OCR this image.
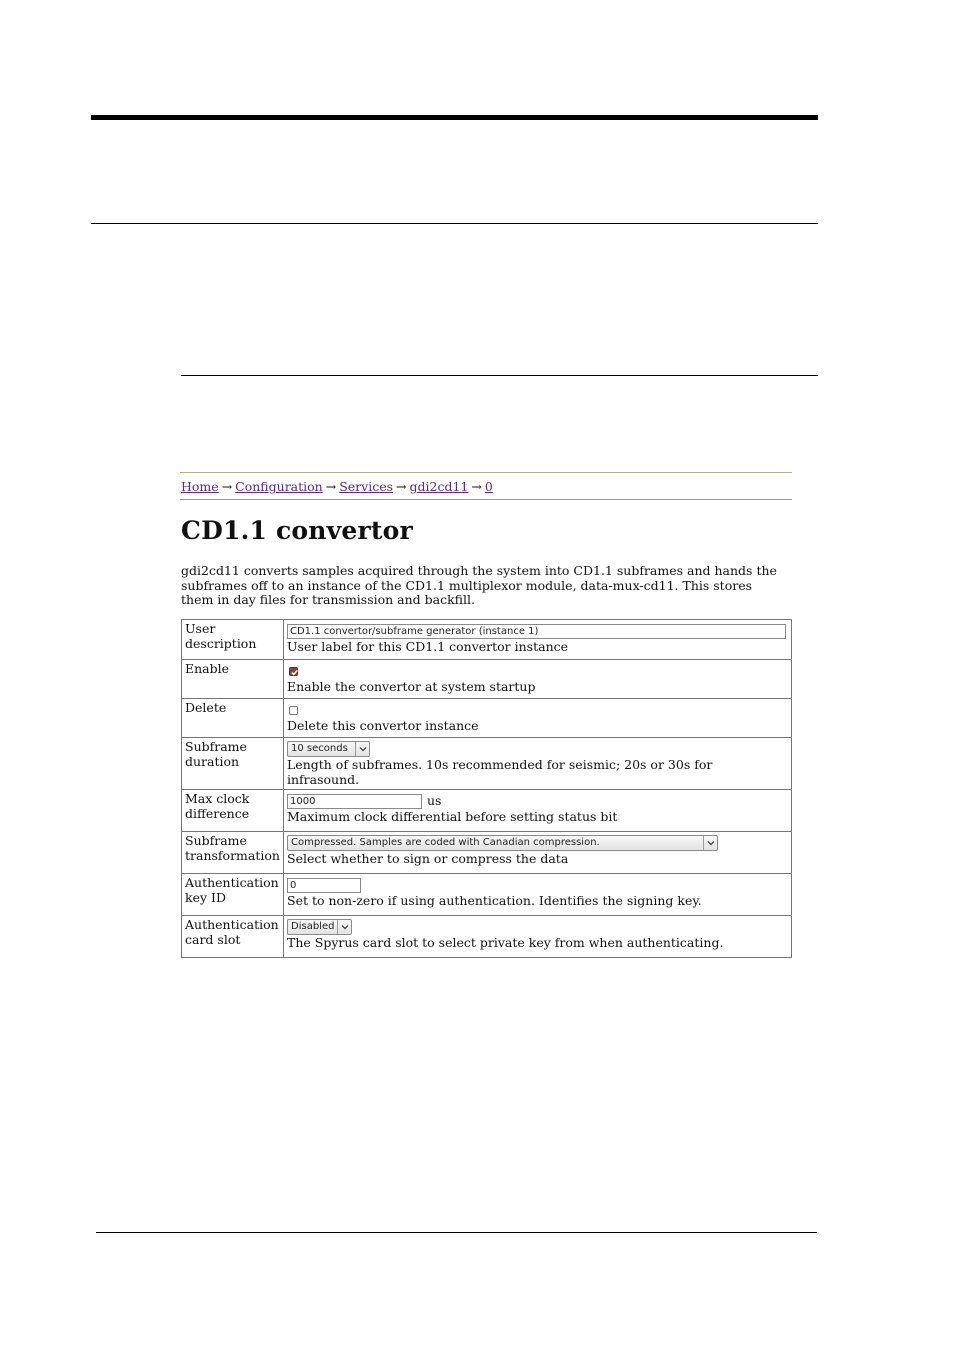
Home → Configuration → Services → gdi2cd11 → 0
CD1.1 convertor

gdi2cd11 converts samples acquired through the system into CD1.1 subframes and hands the subframes off to an instance of the CD1.1 multiplexor module, data-mux-cd11. This stores them in day files for transmission and backfill.

User description	CD1.1 convertor/subframe generator (instance 1)
User label for this CD1.1 convertor instance

Enable	Enable the convertor at system startup

Delete	Delete this convertor instance

Subframe duration	10 seconds
Length of subframes. 10s recommended for seismic; 20s or 30s for infrasound.

Max clock difference	1000 us
Maximum clock differential before setting status bit

Subframe transformation	Compressed. Samples are coded with Canadian compression.
Select whether to sign or compress the data

Authentication key ID	0
Set to non-zero if using authentication. Identifies the signing key.

Authentication card slot	Disabled
The Spyrus card slot to select private key from when authenticating.
